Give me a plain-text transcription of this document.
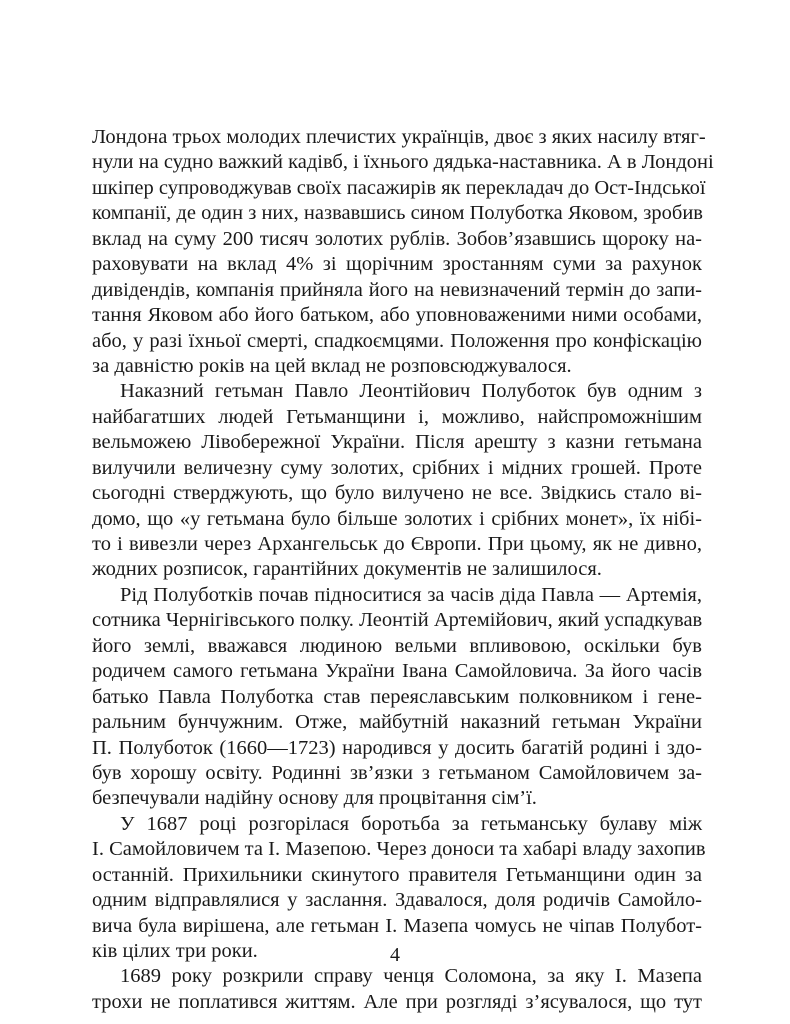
Лондона трьох молодих плечистих українців, двоє з яких насилу втяг-
нули на судно важкий кадівб, і їхнього дядька-наставника. А в Лондоні
шкіпер супроводжував своїх пасажирів як перекладач до Ост-Індської
компанії, де один з них, назвавшись сином Полуботка Яковом, зробив
вклад на суму 200 тисяч золотих рублів. Зобов’язавшись щороку на-
раховувати на вклад 4% зі щорічним зростанням суми за рахунок
дивідендів, компанія прийняла його на невизначений термін до запи-
тання Яковом або його батьком, або уповноваженими ними особами,
або, у разі їхньої смерті, спадкоємцями. Положення про конфіскацію
за давністю років на цей вклад не розповсюджувалося.
Наказний гетьман Павло Леонтійович Полуботок був одним з
найбагатших людей Гетьманщини і, можливо, найспроможнішим
вельможею Лівобережної України. Після арешту з казни гетьмана
вилучили величезну суму золотих, срібних і мідних грошей. Проте
сьогодні стверджують, що було вилучено не все. Звідкись стало ві-
домо, що «у гетьмана було більше золотих і срібних монет», їх нібі-
то і вивезли через Архангельськ до Європи. При цьому, як не дивно,
жодних розписок, гарантійних документів не залишилося.
Рід Полуботків почав підноситися за часів діда Павла — Артемія,
сотника Чернігівського полку. Леонтій Артемійович, який успадкував
його землі, вважався людиною вельми впливовою, оскільки був
родичем самого гетьмана України Івана Самойловича. За його часів
батько Павла Полуботка став переяславським полковником і гене-
ральним бунчужним. Отже, майбутній наказний гетьман України
П. Полуботок (1660—1723) народився у досить багатій родині і здо-
був хорошу освіту. Родинні зв’язки з гетьманом Самойловичем за-
безпечували надійну основу для процвітання сім’ї.
У 1687 році розгорілася боротьба за гетьманську булаву між
І. Самойловичем та І. Мазепою. Через доноси та хабарі владу захопив
останній. Прихильники скинутого правителя Гетьманщини один за
одним відправлялися у заслання. Здавалося, доля родичів Самойло-
вича була вирішена, але гетьман І. Мазепа чомусь не чіпав Полубот-
ків цілих три роки.
1689 року розкрили справу ченця Соломона, за яку І. Мазепа
трохи не поплатився життям. Але при розгляді з’ясувалося, що тут
4
